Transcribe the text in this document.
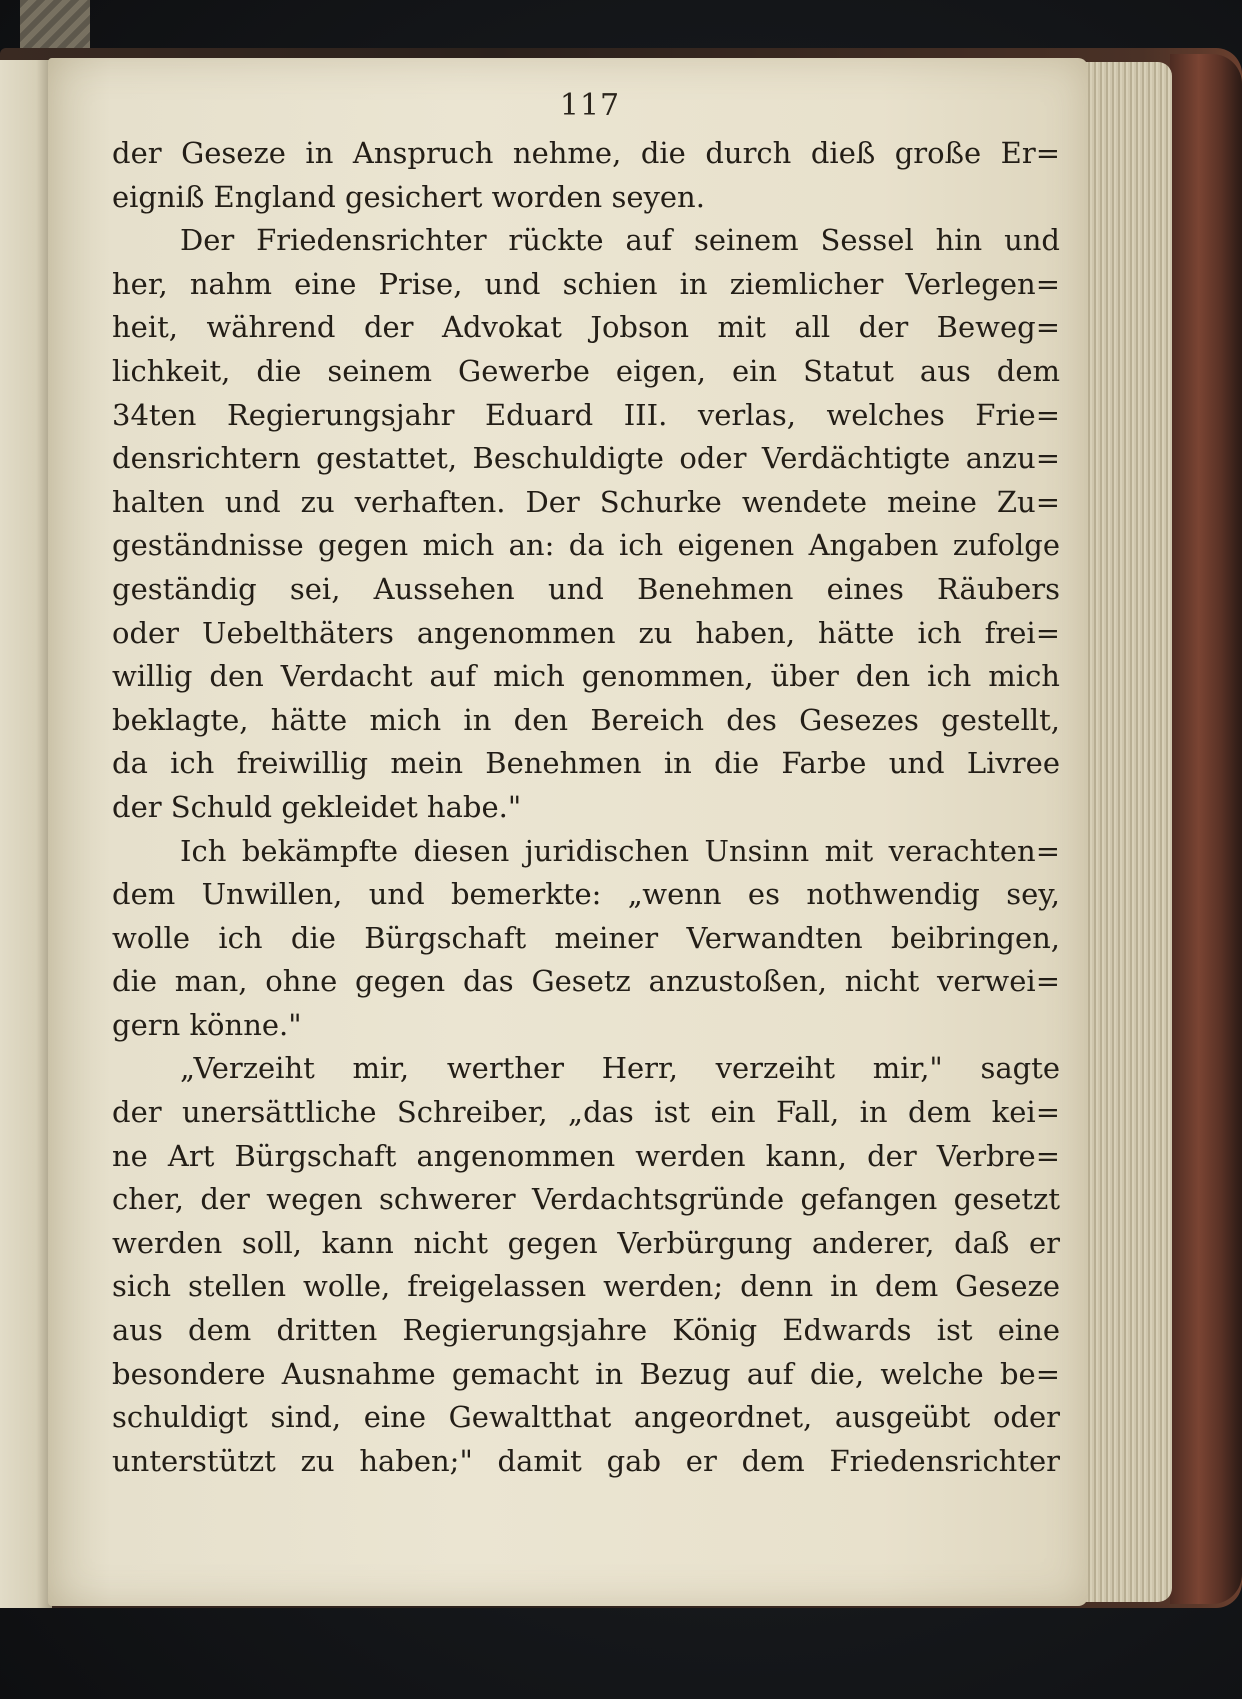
117
der Geseze in Anspruch nehme, die durch dieß große Er=
eigniß England gesichert worden seyen.
Der Friedensrichter rückte auf seinem Sessel hin und
her, nahm eine Prise, und schien in ziemlicher Verlegen=
heit, während der Advokat Jobson mit all der Beweg=
lichkeit, die seinem Gewerbe eigen, ein Statut aus dem
34ten Regierungsjahr Eduard III. verlas, welches Frie=
densrichtern gestattet, Beschuldigte oder Verdächtigte anzu=
halten und zu verhaften. Der Schurke wendete meine Zu=
geständnisse gegen mich an: da ich eigenen Angaben zufolge
geständig sei, Aussehen und Benehmen eines Räubers
oder Uebelthäters angenommen zu haben, hätte ich frei=
willig den Verdacht auf mich genommen, über den ich mich
beklagte, hätte mich in den Bereich des Gesezes gestellt,
da ich freiwillig mein Benehmen in die Farbe und Livree
der Schuld gekleidet habe."
Ich bekämpfte diesen juridischen Unsinn mit verachten=
dem Unwillen, und bemerkte: „wenn es nothwendig sey,
wolle ich die Bürgschaft meiner Verwandten beibringen,
die man, ohne gegen das Gesetz anzustoßen, nicht verwei=
gern könne."
„Verzeiht mir, werther Herr, verzeiht mir," sagte
der unersättliche Schreiber, „das ist ein Fall, in dem kei=
ne Art Bürgschaft angenommen werden kann, der Verbre=
cher, der wegen schwerer Verdachtsgründe gefangen gesetzt
werden soll, kann nicht gegen Verbürgung anderer, daß er
sich stellen wolle, freigelassen werden; denn in dem Geseze
aus dem dritten Regierungsjahre König Edwards ist eine
besondere Ausnahme gemacht in Bezug auf die, welche be=
schuldigt sind, eine Gewaltthat angeordnet, ausgeübt oder
unterstützt zu haben;" damit gab er dem Friedensrichter
